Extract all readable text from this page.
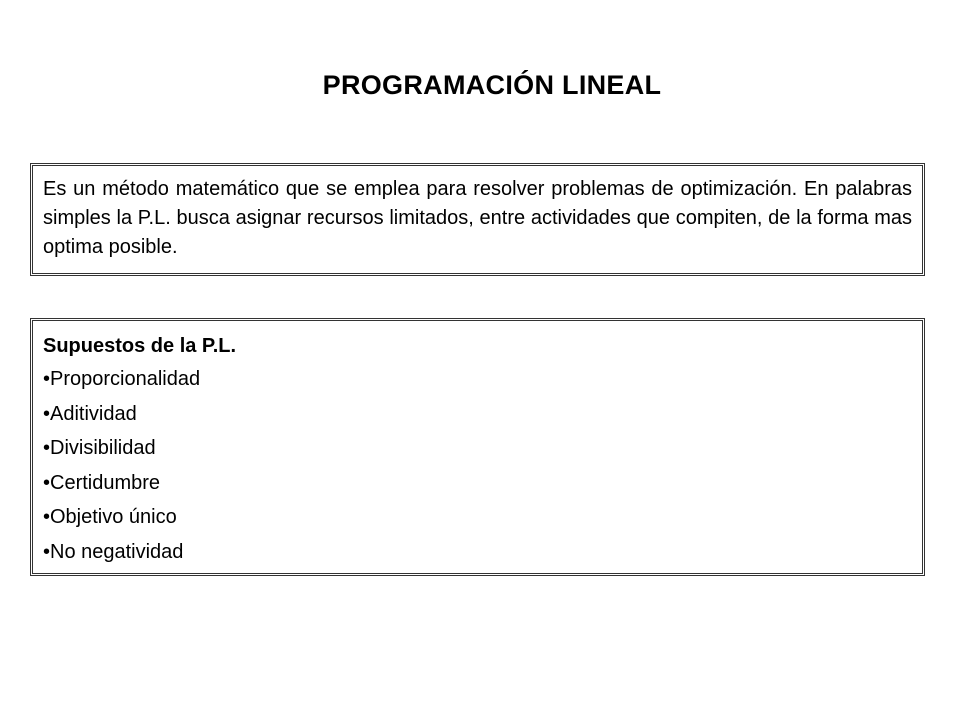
PROGRAMACIÓN LINEAL

Es un método matemático que se emplea para resolver problemas de optimización. En palabras simples la P.L. busca asignar recursos limitados, entre actividades que compiten, de la forma mas optima posible.

Supuestos de la P.L.
•Proporcionalidad
•Aditividad
•Divisibilidad
•Certidumbre
•Objetivo único
•No negatividad
